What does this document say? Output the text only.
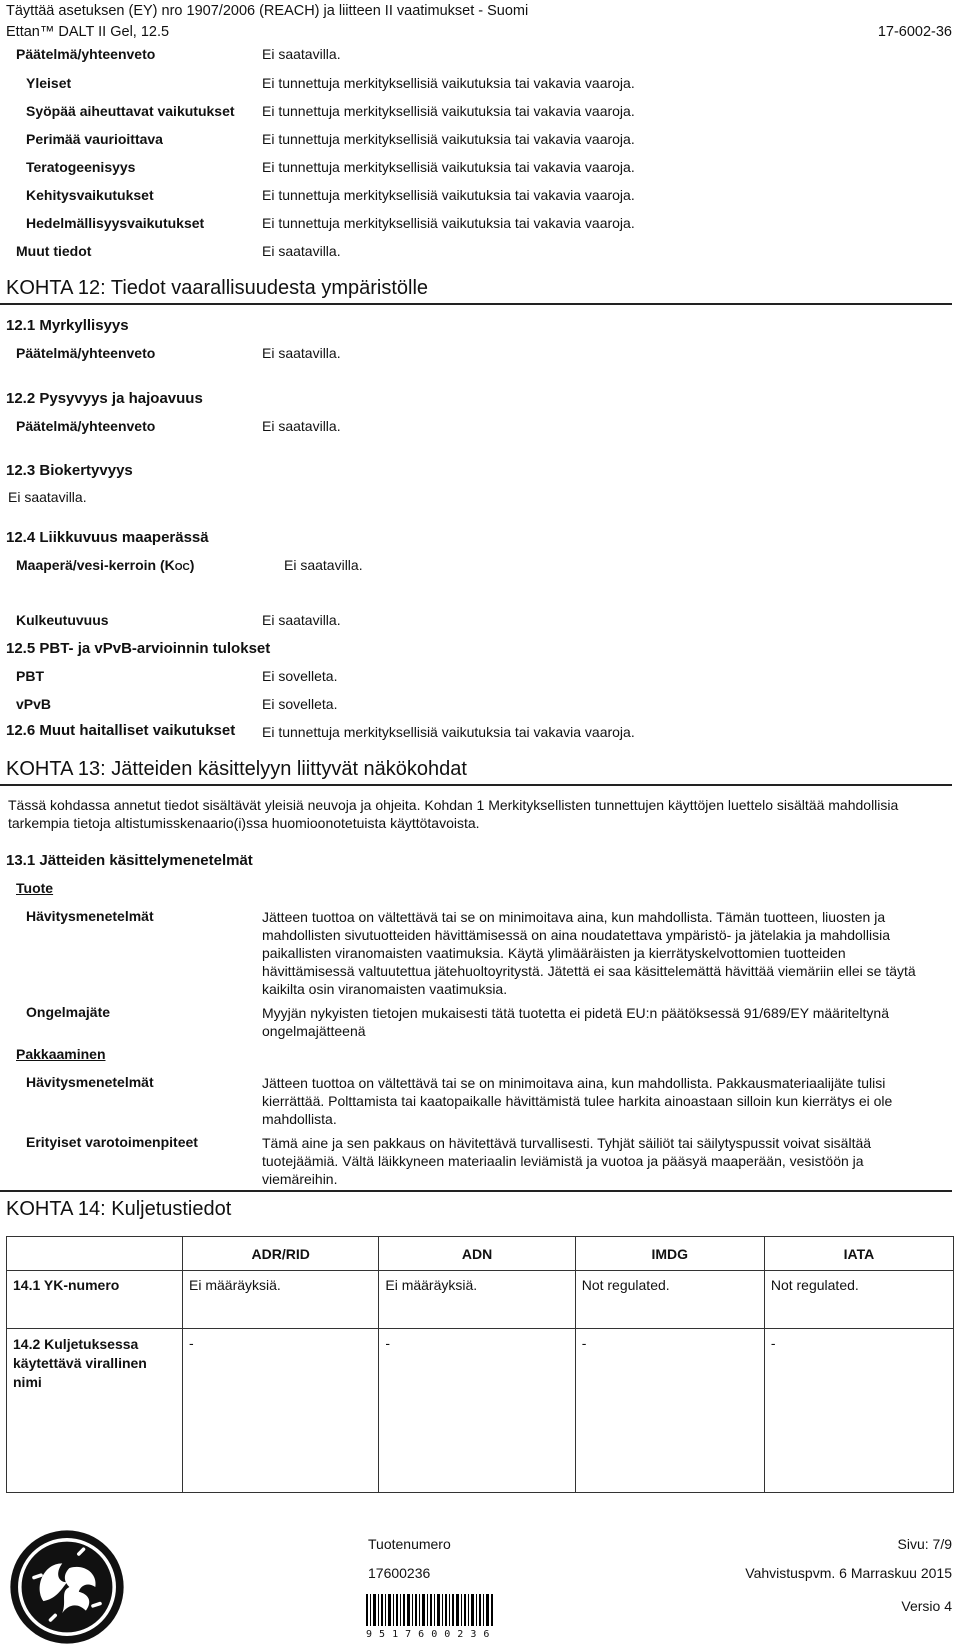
Täyttää asetuksen (EY) nro 1907/2006 (REACH) ja liitteen II vaatimukset - Suomi
Ettan™ DALT II Gel, 12.5	17-6002-36
Päätelmä/yhteenveto	Ei saatavilla.
Yleiset	Ei tunnettuja merkityksellisiä vaikutuksia tai vakavia vaaroja.
Syöpää aiheuttavat vaikutukset Ei tunnettuja merkityksellisiä vaikutuksia tai vakavia vaaroja.
Perimää vaurioittava	Ei tunnettuja merkityksellisiä vaikutuksia tai vakavia vaaroja.
Teratogeenisyys	Ei tunnettuja merkityksellisiä vaikutuksia tai vakavia vaaroja.
Kehitysvaikutukset	Ei tunnettuja merkityksellisiä vaikutuksia tai vakavia vaaroja.
Hedelmällisyysvaikutukset	Ei tunnettuja merkityksellisiä vaikutuksia tai vakavia vaaroja.
Muut tiedot	Ei saatavilla.
KOHTA 12: Tiedot vaarallisuudesta ympäristölle
12.1 Myrkyllisyys
Päätelmä/yhteenveto	Ei saatavilla.
12.2 Pysyvyys ja hajoavuus
Päätelmä/yhteenveto	Ei saatavilla.
12.3 Biokertyvyys
Ei saatavilla.
12.4 Liikkuvuus maaperässä
Maaperä/vesi-kerroin (KOC)	Ei saatavilla.
Kulkeutuvuus	Ei saatavilla.
12.5 PBT- ja vPvB-arvioinnin tulokset
PBT	Ei sovelleta.
vPvB	Ei sovelleta.
12.6 Muut haitalliset vaikutukset Ei tunnettuja merkityksellisiä vaikutuksia tai vakavia vaaroja.
KOHTA 13: Jätteiden käsittelyyn liittyvät näkökohdat
Tässä kohdassa annetut tiedot sisältävät yleisiä neuvoja ja ohjeita. Kohdan 1 Merkityksellisten tunnettujen käyttöjen luettelo sisältää mahdollisia tarkempia tietoja altistumisskenaario(i)ssa huomioonotetuista käyttötavoista.
13.1 Jätteiden käsittelymenetelmät
Tuote
Hävitysmenetelmät	Jätteen tuottoa on vältettävä tai se on minimoitava aina, kun mahdollista. Tämän tuotteen, liuosten ja mahdollisten sivutuotteiden hävittämisessä on aina noudatettava ympäristö- ja jätelakia ja mahdollisia paikallisten viranomaisten vaatimuksia. Käytä ylimääräisten ja kierrätyskelvottomien tuotteiden hävittämisessä valtuutettua jätehuoltoyritystä. Jätettä ei saa käsittelemättä hävittää viemäriin ellei se täytä kaikilta osin viranomaisten vaatimuksia.
Ongelmajäte	Myyjän nykyisten tietojen mukaisesti tätä tuotetta ei pidetä EU:n päätöksessä 91/689/EY määriteltynä ongelmajätteenä
Pakkaaminen
Hävitysmenetelmät	Jätteen tuottoa on vältettävä tai se on minimoitava aina, kun mahdollista. Pakkausmateriaalijäte tulisi kierrättää. Polttamista tai kaatopaikalle hävittämistä tulee harkita ainoastaan silloin kun kierrätys ei ole mahdollista.
Erityiset varotoimenpiteet	Tämä aine ja sen pakkaus on hävitettävä turvallisesti. Tyhjät säiliöt tai säilytyspussit voivat sisältää tuotejäämiä. Vältä läikkyneen materiaalin leviämistä ja vuotoa ja pääsyä maaperään, vesistöön ja viemäreihin.
KOHTA 14: Kuljetustiedot
	ADR/RID	ADN	IMDG	IATA
14.1 YK-numero	Ei määräyksiä.	Ei määräyksiä.	Not regulated.	Not regulated.
14.2 Kuljetuksessa käytettävä virallinen nimi	-	-	-	-
Tuotenumero
17600236
Sivu: 7/9
Vahvistuspvm. 6 Marraskuu 2015
Versio 4
9 5 1 7 6 0 0 2 3 6
